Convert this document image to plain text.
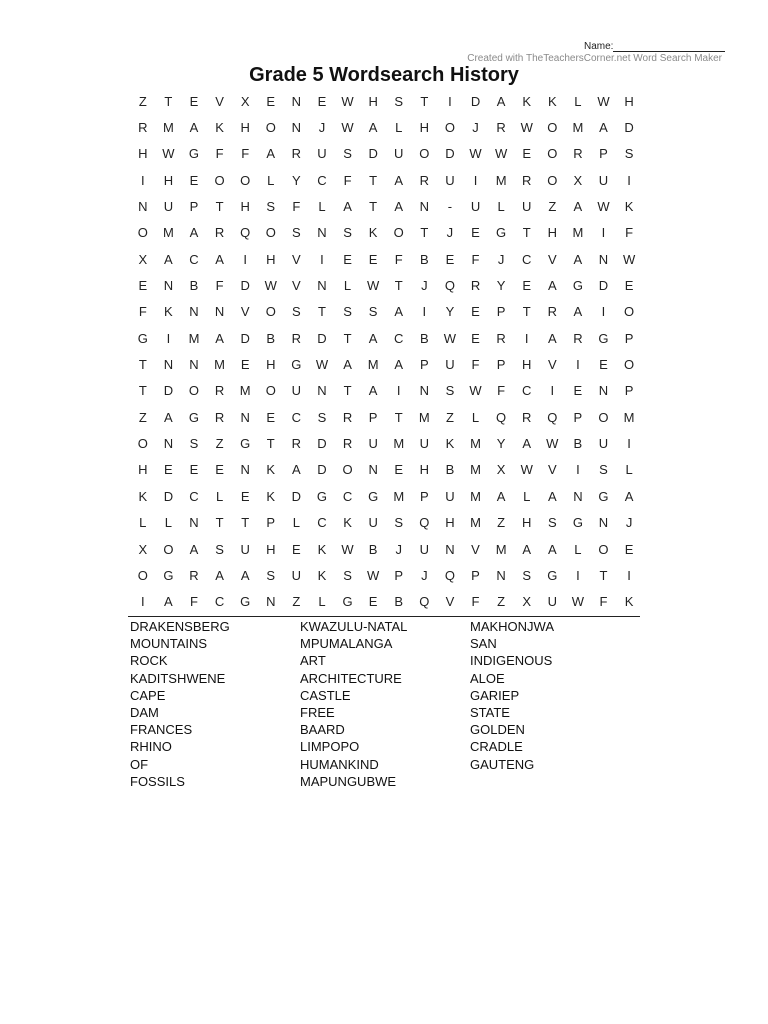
Name:
Created with TheTeachersCorner.net Word Search Maker
Grade 5 Wordsearch History
Z	T	E	V	X	E	N	E	W	H	S	T	I	D	A	K	K	L	W	H
R	M	A	K	H	O	N	J	W	A	L	H	O	J	R	W	O	M	A	D
H	W	G	F	F	A	R	U	S	D	U	O	D	W	W	E	O	R	P	S
I	H	E	O	O	L	Y	C	F	T	A	R	U	I	M	R	O	X	U	I
N	U	P	T	H	S	F	L	A	T	A	N	-	U	L	U	Z	A	W	K
O	M	A	R	Q	O	S	N	S	K	O	T	J	E	G	T	H	M	I	F
X	A	C	A	I	H	V	I	E	E	F	B	E	F	J	C	V	A	N	W
E	N	B	F	D	W	V	N	L	W	T	J	Q	R	Y	E	A	G	D	E
F	K	N	N	V	O	S	T	S	S	A	I	Y	E	P	T	R	A	I	O
G	I	M	A	D	B	R	D	T	A	C	B	W	E	R	I	A	R	G	P
T	N	N	M	E	H	G	W	A	M	A	P	U	F	P	H	V	I	E	O
T	D	O	R	M	O	U	N	T	A	I	N	S	W	F	C	I	E	N	P
Z	A	G	R	N	E	C	S	R	P	T	M	Z	L	Q	R	Q	P	O	M
O	N	S	Z	G	T	R	D	R	U	M	U	K	M	Y	A	W	B	U	I
H	E	E	E	N	K	A	D	O	N	E	H	B	M	X	W	V	I	S	L
K	D	C	L	E	K	D	G	C	G	M	P	U	M	A	L	A	N	G	A
L	L	N	T	T	P	L	C	K	U	S	Q	H	M	Z	H	S	G	N	J
X	O	A	S	U	H	E	K	W	B	J	U	N	V	M	A	A	L	O	E
O	G	R	A	A	S	U	K	S	W	P	J	Q	P	N	S	G	I	T	I
I	A	F	C	G	N	Z	L	G	E	B	Q	V	F	Z	X	U	W	F	K
DRAKENSBERG
MOUNTAINS
ROCK
KADITSHWENE
CAPE
DAM
FRANCES
RHINO
OF
FOSSILS
KWAZULU-NATAL
MPUMALANGA
ART
ARCHITECTURE
CASTLE
FREE
BAARD
LIMPOPO
HUMANKIND
MAPUNGUBWE
MAKHONJWA
SAN
INDIGENOUS
ALOE
GARIEP
STATE
GOLDEN
CRADLE
GAUTENG
